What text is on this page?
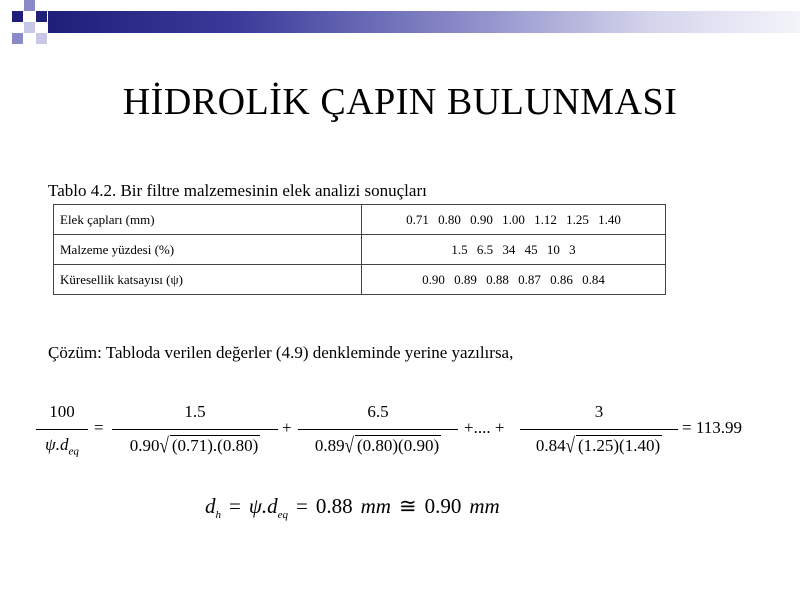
HİDROLİK ÇAPIN BULUNMASI
Tablo 4.2. Bir filtre malzemesinin elek analizi sonuçları
Elek çapları (mm)	0.71 0.80 0.90 1.00 1.12 1.25 1.40
Malzeme yüzdesi (%)	1.5 6.5 34 45 10 3
Küresellik katsayısı (ψ)	0.90 0.89 0.88 0.87 0.86 0.84
Çözüm: Tabloda verilen değerler (4.9) denkleminde yerine yazılırsa,
100
$\psi.d_{eq}$
=
1.5
0.90√ (0.71).(0.80)
+
6.5
0.89√ (0.80)(0.90)
+.... +
3
0.84√ (1.25)(1.40)
= 113.99
$d_h = \psi.d_{eq} = 0.88$ mm ≅ 0.90 mm
